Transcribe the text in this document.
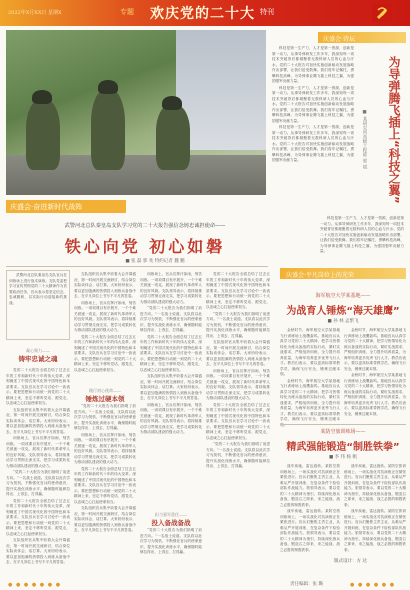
2022年X月XX日 星期X	专题 欢庆党的二十大 特刊
庆盛会·奋进新时代战阵
武警河北总队秦皇岛支队学习党的二十大报告强信念铸忠诚担使命——
铁心向党 初心如磐
■ 张 磊 郭 兆 特约记者 魏 鹏

武警河北总队秦皇岛支队官兵在训练场上进行战术演练。支队党委把学习宣传贯彻党的二十大精神作为首要政治任务，官兵表示将坚定信念，忠诚履职，以实际行动迎接新的挑战。

凝心聚力——
铸牢忠诚之魂
践行初心使命——
锤炼过硬本领
担当强军重任——
投入备战备战

党的二十大报告全面总结了过去五年的工作和新时代十年的伟大变革，深刻阐述了中国式现代化的中国特色和本质要求。支队官兵在学习讨论中一致表示，要把思想和行动统一到党的二十大精神上来，坚定不移听党话、跟党走，以忠诚之心扛起使命担当。

支队组织官兵集中收看大会开幕盛况，第一时间开展交流研讨，结合岗位实际谈体会、话打算。大家纷纷表示，要以更加饱满的热情投入到练兵备战中去，在平凡岗位上书写不平凡的答卷。

训练场上，官兵们挥汗如雨，刻苦训练。一项项课目有序展开，一个个难关被逐一攻克，展现了新时代革命军人的良好风貌。支队领导表示，将持续推动学习贯彻走深走实，把学习成果转化为推动部队建设的强大动力。

“党的二十大报告为我们指明了前进方向。”一名战士说道。支队将以此次学习为契机，不断强化官兵的使命意识，提升实战化训练水平，确保随时能够拉得出、上得去、打得赢。

党的二十大报告全面总结了过去五年的工作和新时代十年的伟大变革，深刻阐述了中国式现代化的中国特色和本质要求。支队官兵在学习讨论中一致表示，要把思想和行动统一到党的二十大精神上来，坚定不移听党话、跟党走，以忠诚之心扛起使命担当。

支队组织官兵集中收看大会开幕盛况，第一时间开展交流研讨，结合岗位实际谈体会、话打算。大家纷纷表示，要以更加饱满的热情投入到练兵备战中去，在平凡岗位上书写不平凡的答卷。

支队组织官兵集中收看大会开幕盛况，第一时间开展交流研讨，结合岗位实际谈体会、话打算。大家纷纷表示，要以更加饱满的热情投入到练兵备战中去，在平凡岗位上书写不平凡的答卷。

训练场上，官兵们挥汗如雨，刻苦训练。一项项课目有序展开，一个个难关被逐一攻克，展现了新时代革命军人的良好风貌。支队领导表示，将持续推动学习贯彻走深走实，把学习成果转化为推动部队建设的强大动力。

党的二十大报告全面总结了过去五年的工作和新时代十年的伟大变革，深刻阐述了中国式现代化的中国特色和本质要求。支队官兵在学习讨论中一致表示，要把思想和行动统一到党的二十大精神上来，坚定不移听党话、跟党走，以忠诚之心扛起使命担当。

“党的二十大报告为我们指明了前进方向。”一名战士说道。支队将以此次学习为契机，不断强化官兵的使命意识，提升实战化训练水平，确保随时能够拉得出、上得去、打得赢。

训练场上，官兵们挥汗如雨，刻苦训练。一项项课目有序展开，一个个难关被逐一攻克，展现了新时代革命军人的良好风貌。支队领导表示，将持续推动学习贯彻走深走实，把学习成果转化为推动部队建设的强大动力。

党的二十大报告全面总结了过去五年的工作和新时代十年的伟大变革，深刻阐述了中国式现代化的中国特色和本质要求。支队官兵在学习讨论中一致表示，要把思想和行动统一到党的二十大精神上来，坚定不移听党话、跟党走，以忠诚之心扛起使命担当。

支队组织官兵集中收看大会开幕盛况，第一时间开展交流研讨，结合岗位实际谈体会、话打算。大家纷纷表示，要以更加饱满的热情投入到练兵备战中去，在平凡岗位上书写不平凡的答卷。

训练场上，官兵们挥汗如雨，刻苦训练。一项项课目有序展开，一个个难关被逐一攻克，展现了新时代革命军人的良好风貌。支队领导表示，将持续推动学习贯彻走深走实，把学习成果转化为推动部队建设的强大动力。

“党的二十大报告为我们指明了前进方向。”一名战士说道。支队将以此次学习为契机，不断强化官兵的使命意识，提升实战化训练水平，确保随时能够拉得出、上得去、打得赢。

党的二十大报告全面总结了过去五年的工作和新时代十年的伟大变革，深刻阐述了中国式现代化的中国特色和本质要求。支队官兵在学习讨论中一致表示，要把思想和行动统一到党的二十大精神上来，坚定不移听党话、跟党走，以忠诚之心扛起使命担当。

支队组织官兵集中收看大会开幕盛况，第一时间开展交流研讨，结合岗位实际谈体会、话打算。大家纷纷表示，要以更加饱满的热情投入到练兵备战中去，在平凡岗位上书写不平凡的答卷。

训练场上，官兵们挥汗如雨，刻苦训练。一项项课目有序展开，一个个难关被逐一攻克，展现了新时代革命军人的良好风貌。支队领导表示，将持续推动学习贯彻走深走实，把学习成果转化为推动部队建设的强大动力。

“党的二十大报告为我们指明了前进方向。”一名战士说道。支队将以此次学习为契机，不断强化官兵的使命意识，提升实战化训练水平，确保随时能够拉得出、上得去、打得赢。

党的二十大报告全面总结了过去五年的工作和新时代十年的伟大变革，深刻阐述了中国式现代化的中国特色和本质要求。支队官兵在学习讨论中一致表示，要把思想和行动统一到党的二十大精神上来，坚定不移听党话、跟党走，以忠诚之心扛起使命担当。

“党的二十大报告为我们指明了前进方向。”一名战士说道。支队将以此次学习为契机，不断强化官兵的使命意识，提升实战化训练水平，确保随时能够拉得出、上得去、打得赢。

支队组织官兵集中收看大会开幕盛况，第一时间开展交流研讨，结合岗位实际谈体会、话打算。大家纷纷表示，要以更加饱满的热情投入到练兵备战中去，在平凡岗位上书写不平凡的答卷。

训练场上，官兵们挥汗如雨，刻苦训练。一项项课目有序展开，一个个难关被逐一攻克，展现了新时代革命军人的良好风貌。支队领导表示，将持续推动学习贯彻走深走实，把学习成果转化为推动部队建设的强大动力。

党的二十大报告全面总结了过去五年的工作和新时代十年的伟大变革，深刻阐述了中国式现代化的中国特色和本质要求。支队官兵在学习讨论中一致表示，要把思想和行动统一到党的二十大精神上来，坚定不移听党话、跟党走，以忠诚之心扛起使命担当。

“党的二十大报告为我们指明了前进方向。”一名战士说道。支队将以此次学习为契机，不断强化官兵的使命意识，提升实战化训练水平，确保随时能够拉得出、上得去、打得赢。

庆盛会·诗坛

科技是第一生产力，人才是第一资源，创新是第一动力。从事导弹研发工作多年，我深知每一项技术突破背后都凝聚着无数科研人员的心血与汗水。党的二十大报告对加快实施创新驱动发展战略作出部署，让我们倍受鼓舞。我们将牢记嘱托，勇攀科技高峰，为导弹事业腾飞插上科技之翼，为强国强军贡献力量。

科技是第一生产力，人才是第一资源，创新是第一动力。从事导弹研发工作多年，我深知每一项技术突破背后都凝聚着无数科研人员的心血与汗水。党的二十大报告对加快实施创新驱动发展战略作出部署，让我们倍受鼓舞。我们将牢记嘱托，勇攀科技高峰，为导弹事业腾飞插上科技之翼，为强国强军贡献力量。

科技是第一生产力，人才是第一资源，创新是第一动力。从事导弹研发工作多年，我深知每一项技术突破背后都凝聚着无数科研人员的心血与汗水。党的二十大报告对加快实施创新驱动发展战略作出部署，让我们倍受鼓舞。我们将牢记嘱托，勇攀科技高峰，为导弹事业腾飞插上科技之翼，为强国强军贡献力量。	为导弹腾飞插上“科技之翼”
■ 某研究所高级工程师 郭 斌

科技是第一生产力，人才是第一资源，创新是第一动力。从事导弹研发工作多年，我深知每一项技术突破背后都凝聚着无数科研人员的心血与汗水。党的二十大报告对加快实施创新驱动发展战略作出部署，让我们倍受鼓舞。我们将牢记嘱托，勇攀科技高峰，为导弹事业腾飞插上科技之翼，为强国强军贡献力量。

庆盛会·平凡岗位上的光荣
海军航空大学某基地——
为战育人锤炼“海天雄鹰”
■ 孙 林 孟繁飞

金秋时节，海军航空大学某基地飞行训练场上战鹰轰鸣。基地官兵认真学习党的二十大精神，把学习热情转化为练兵备战的实际行动，紧盯实战需求，严格组织训练，全力提升培养质量，为海军培养更多优秀飞行人才。教员们表示，要以更高标准带教学员，确保飞行安全，锤炼过硬本领。

金秋时节，海军航空大学某基地飞行训练场上战鹰轰鸣。基地官兵认真学习党的二十大精神，把学习热情转化为练兵备战的实际行动，紧盯实战需求，严格组织训练，全力提升培养质量，为海军培养更多优秀飞行人才。教员们表示，要以更高标准带教学员，确保飞行安全，锤炼过硬本

金秋时节，海军航空大学某基地飞行训练场上战鹰轰鸣。基地官兵认真学习党的二十大精神，把学习热情转化为练兵备战的实际行动，紧盯实战需求，严格组织训练，全力提升培养质量，为海军培养更多优秀飞行人才。教员们表示，要以更高标准带教学员，确保飞行安全，锤炼过硬本领。

金秋时节，海军航空大学某基地飞行训练场上战鹰轰鸣。基地官兵认真学习党的二十大精神，把学习热情转化为练兵备战的实际行动，紧盯实战需求，严格组织训练，全力提升培养质量，为海军培养更多优秀飞行人才。教员们表示，要以更高标准带教学员，确保飞行安全，锤炼过硬本领。

某防空旅训练场——
精武强能锻造“制胜铁拳”
■ 李 伟 杨 帆

战车疾驰，雷达旋转。某防空旅训练场上，一场实战化对抗演练正在紧张进行。官兵们聚焦主责主业，从难从严开展训练，在复杂条件下检验部队作战能力。旅领导表示，要以党的二十大精神为指引，持续深化练兵备战，锻造召之即来、来之能战、战之必胜的制胜铁拳。

战车疾驰，雷达旋转。某防空旅训练场上，一场实战化对抗演练正在紧张进行。官兵们聚焦主责主业，从难从严开展训练，在复杂条件下检验部队作战能力。旅领导表示，要以党的二十大精神为指引，持续深化练兵备战，锻造召之即来、来之能战、战之必胜的制胜铁拳。

战车疾驰，雷达旋转。某防空旅训练场上，一场实战化对抗演练正在紧张进行。官兵们聚焦主责主业，从难从严开展训练，在复杂条件下检验部队作战能力。旅领导表示，要以党的二十大精神为指引，持续深化练兵备战，锻造召之即来、来之能战、战之必胜的制胜铁拳。

战车疾驰，雷达旋转。某防空旅训练场上，一场实战化对抗演练正在紧张进行。官兵们聚焦主责主业，从难从严开展训练，在复杂条件下检验部队作战能力。旅领导表示，要以党的二十大精神为指引，持续深化练兵备战，锻造召之即来、来之能战、战之必胜的制胜铁拳。

● ● ● ● ● ● ●	责任编辑：张 璐
版式设计：方 达
● ● ● ● ● ●
